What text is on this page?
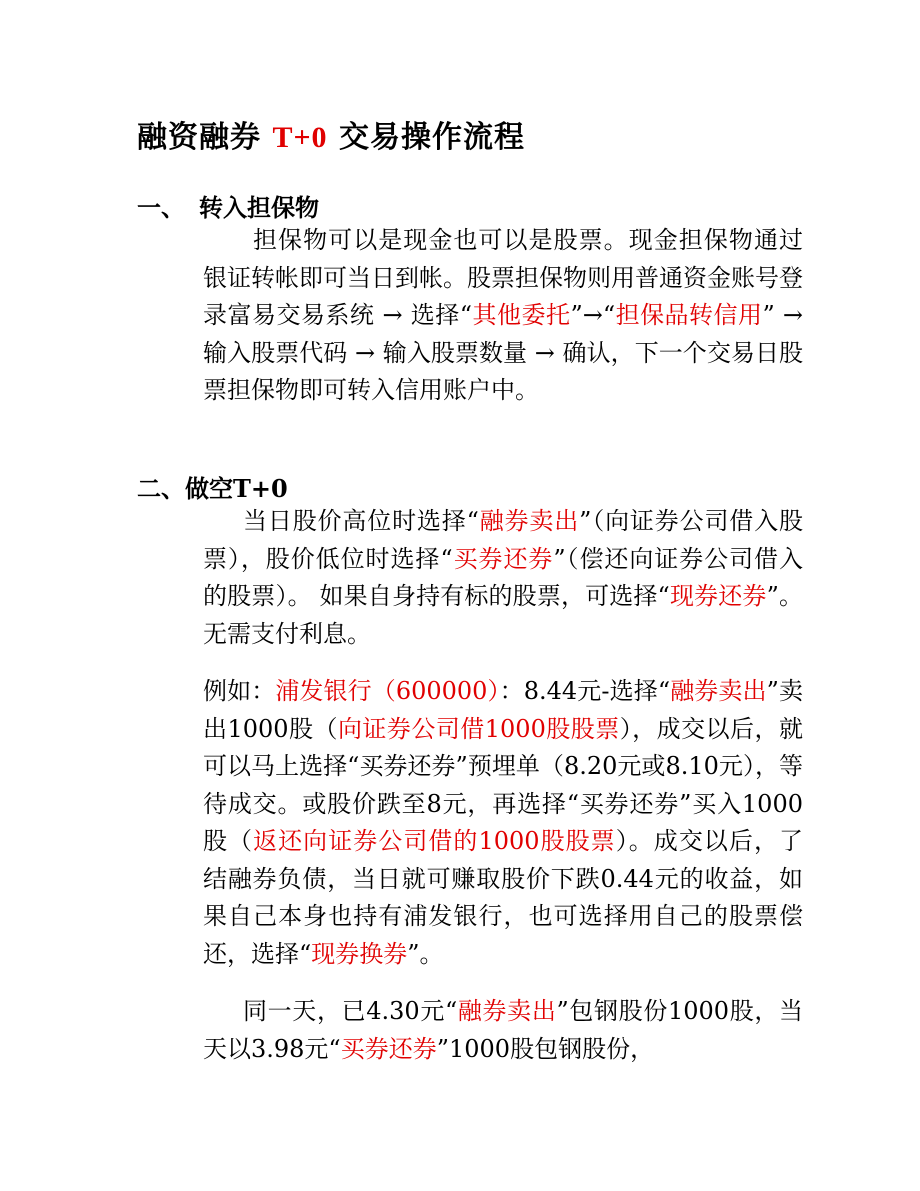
融资融券 T+0 交易操作流程
一、 转入担保物
担保物可以是现金也可以是股票。现金担保物通过银证转帐即可当日到帐。股票担保物则用普通资金账号登录富易交易系统 → 选择“其他委托”→“担保品转信用” → 输入股票代码 → 输入股票数量 → 确认，下一个交易日股票担保物即可转入信用账户中。
二、做空T+0
当日股价高位时选择“融券卖出”（向证券公司借入股票），股价低位时选择“买券还券”（偿还向证券公司借入的股票）。 如果自身持有标的股票，可选择“现券还券”。无需支付利息。
例如：浦发银行（600000）：8.44元-选择“融券卖出”卖出1000股（向证券公司借1000股股票），成交以后，就可以马上选择“买券还券”预埋单（8.20元或8.10元），等待成交。或股价跌至8元，再选择“买券还券”买入1000股（返还向证券公司借的1000股股票）。成交以后，了结融券负债，当日就可赚取股价下跌0.44元的收益，如果自己本身也持有浦发银行，也可选择用自己的股票偿还，选择“现券换券”。
同一天，已4.30元“融券卖出”包钢股份1000股，当天以3.98元“买券还券”1000股包钢股份，
